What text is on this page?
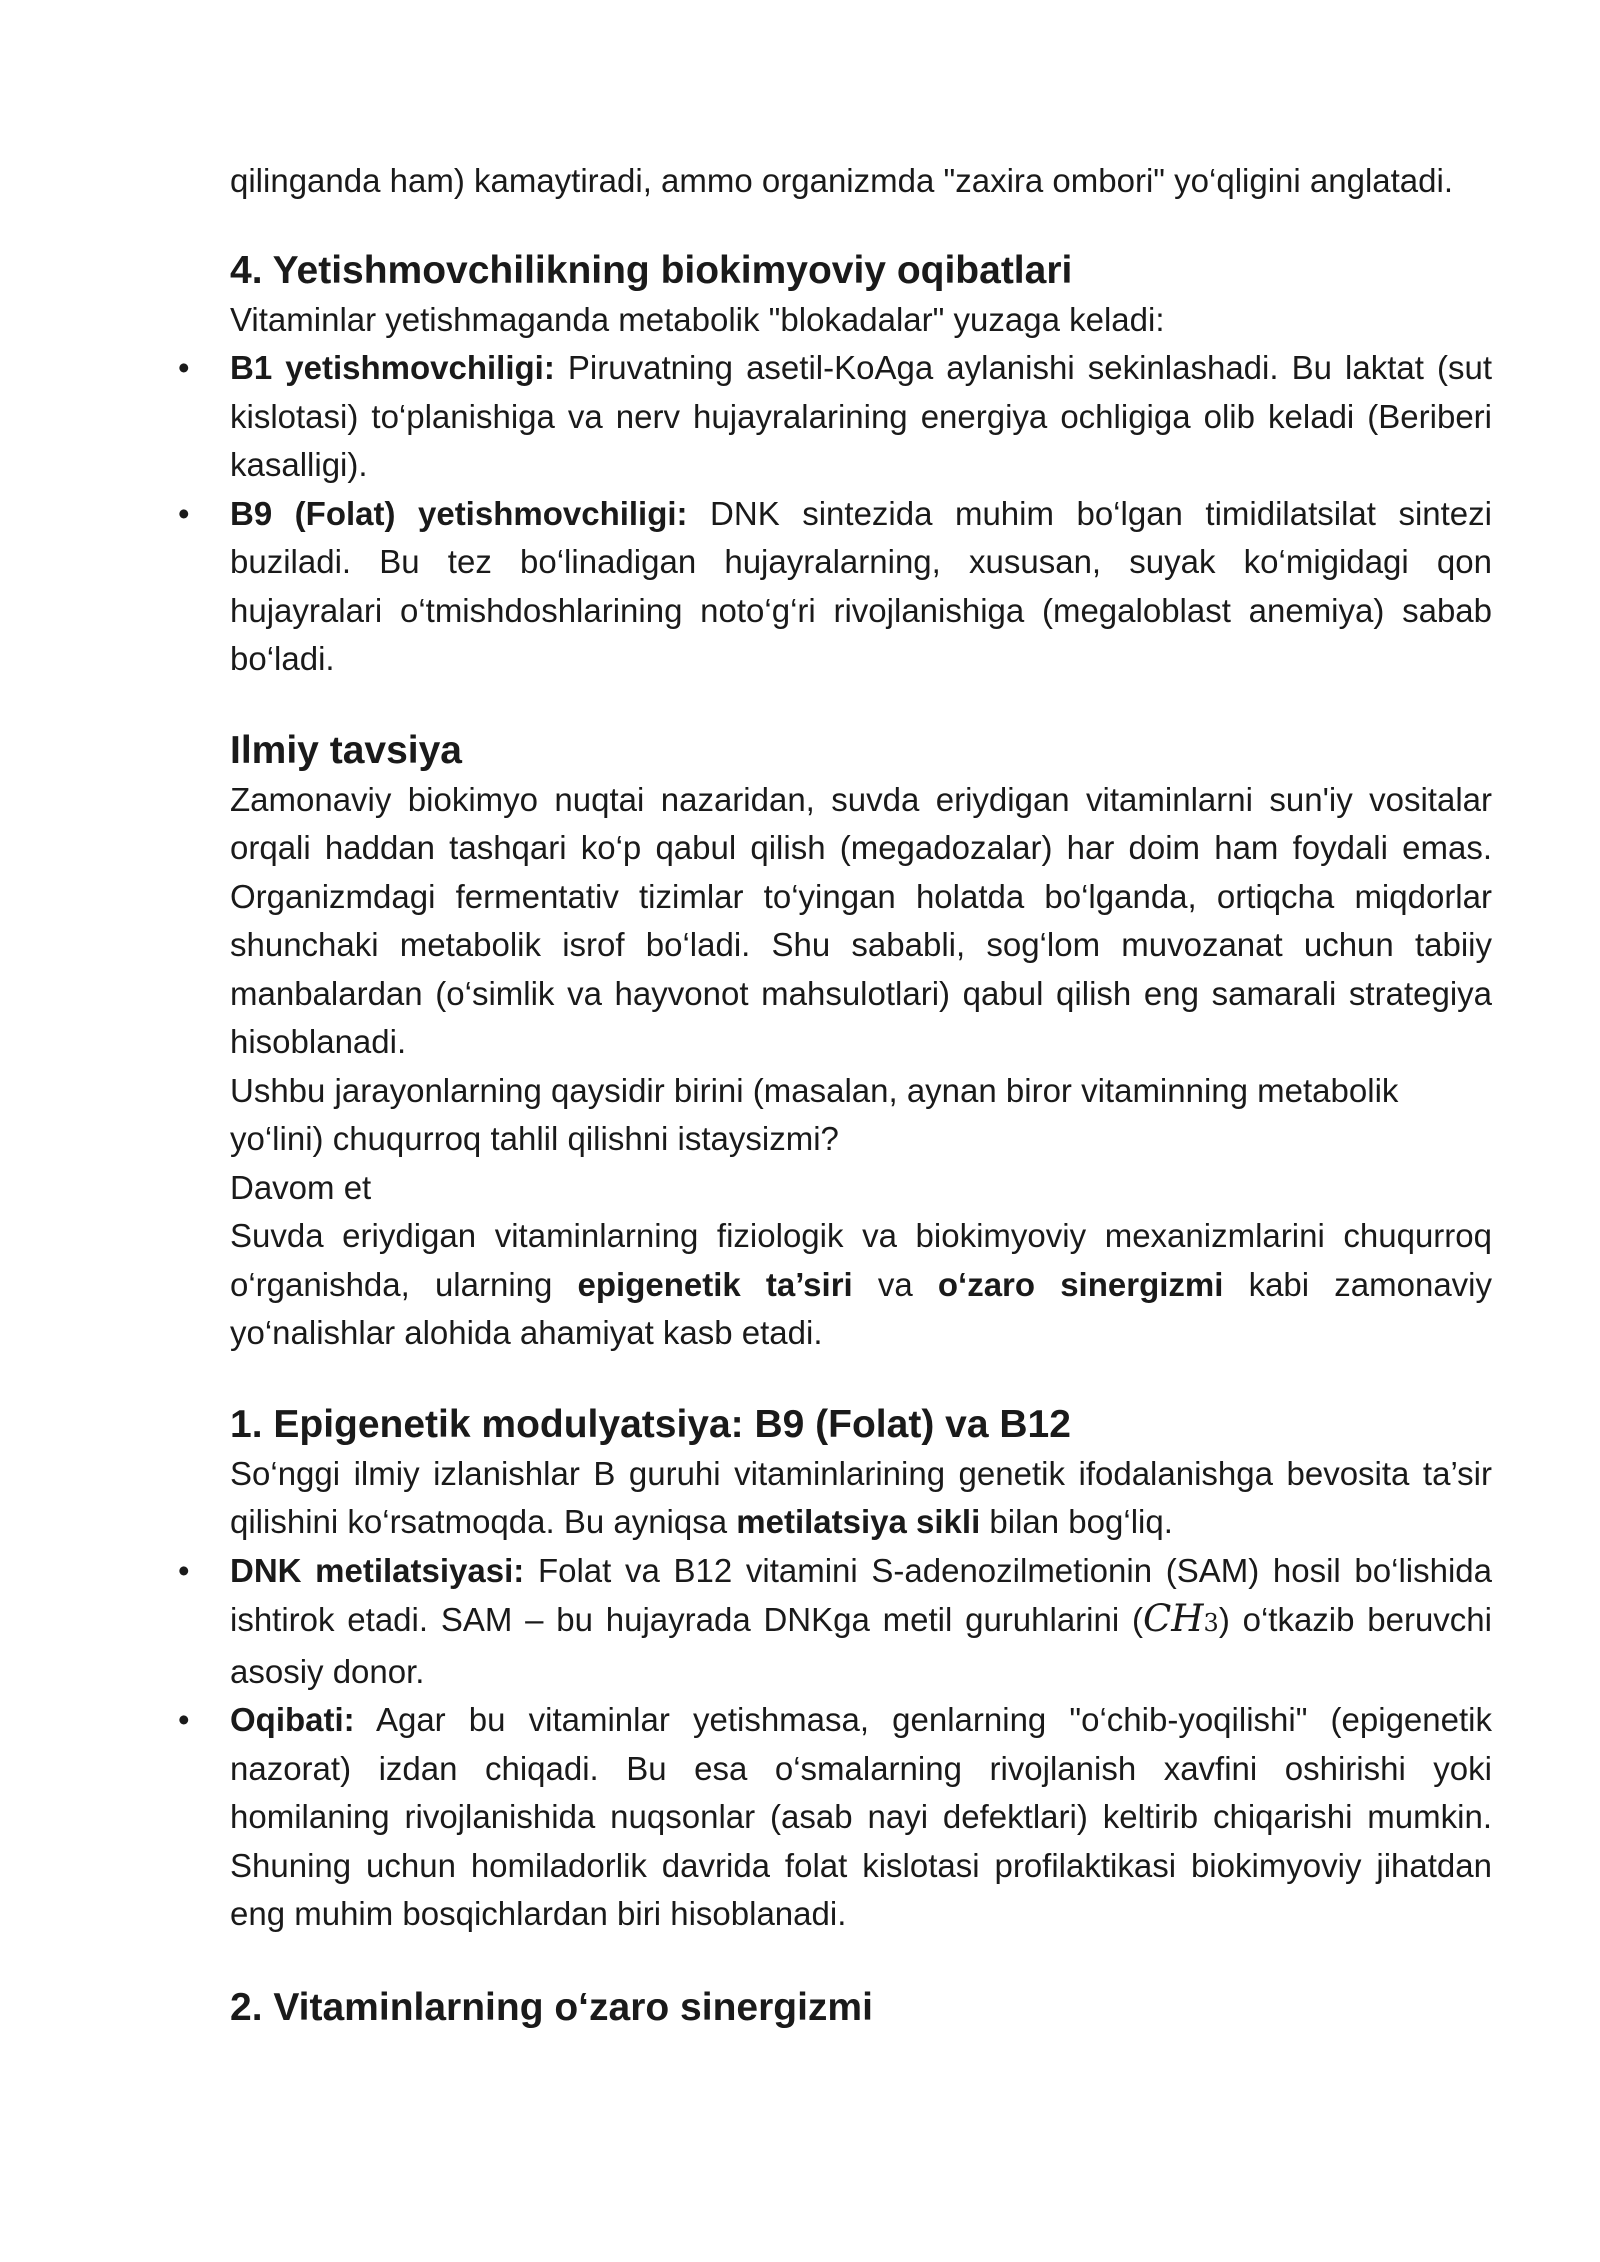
qilinganda ham) kamaytiradi, ammo organizmda "zaxira ombori" yo‘qligini anglatadi.

4. Yetishmovchilikning biokimyoviy oqibatlari

Vitaminlar yetishmaganda metabolik "blokadalar" yuzaga keladi:

• B1 yetishmovchiligi: Piruvatning asetil-KoAga aylanishi sekinlashadi. Bu laktat (sut kislotasi) to‘planishiga va nerv hujayralarining energiya ochligiga olib keladi (Beriberi kasalligi).
• B9 (Folat) yetishmovchiligi: DNK sintezida muhim bo‘lgan timidilatsilat sintezi buziladi. Bu tez bo‘linadigan hujayralarning, xususan, suyak ko‘migidagi qon hujayralari o‘tmishdoshlarining noto‘g‘ri rivojlanishiga (megaloblast anemiya) sabab bo‘ladi.
Ilmiy tavsiya

Zamonaviy biokimyo nuqtai nazaridan, suvda eriydigan vitaminlarni sun'iy vositalar orqali haddan tashqari ko‘p qabul qilish (megadozalar) har doim ham foydali emas. Organizmdagi fermentativ tizimlar to‘yingan holatda bo‘lganda, ortiqcha miqdorlar shunchaki metabolik isrof bo‘ladi. Shu sababli, sog‘lom muvozanat uchun tabiiy manbalardan (o‘simlik va hayvonot mahsulotlari) qabul qilish eng samarali strategiya hisoblanadi.

Ushbu jarayonlarning qaysidir birini (masalan, aynan biror vitaminning metabolik yo‘lini) chuqurroq tahlil qilishni istaysizmi?

Davom et

Suvda eriydigan vitaminlarning fiziologik va biokimyoviy mexanizmlarini chuqurroq o‘rganishda, ularning epigenetik ta’siri va o‘zaro sinergizmi kabi zamonaviy yo‘nalishlar alohida ahamiyat kasb etadi.

1. Epigenetik modulyatsiya: B9 (Folat) va B12

So‘nggi ilmiy izlanishlar B guruhi vitaminlarining genetik ifodalanishga bevosita ta’sir qilishini ko‘rsatmoqda. Bu ayniqsa metilatsiya sikli bilan bog‘liq.

• DNK metilatsiyasi: Folat va B12 vitamini S-adenozilmetionin (SAM) hosil bo‘lishida ishtirok etadi. SAM – bu hujayrada DNKga metil guruhlarini (CH3) o‘tkazib beruvchi asosiy donor.
• Oqibati: Agar bu vitaminlar yetishmasa, genlarning "o‘chib-yoqilishi" (epigenetik nazorat) izdan chiqadi. Bu esa o‘smalarning rivojlanish xavfini oshirishi yoki homilaning rivojlanishida nuqsonlar (asab nayi defektlari) keltirib chiqarishi mumkin. Shuning uchun homiladorlik davrida folat kislotasi profilaktikasi biokimyoviy jihatdan eng muhim bosqichlardan biri hisoblanadi.
2. Vitaminlarning o‘zaro sinergizmi
